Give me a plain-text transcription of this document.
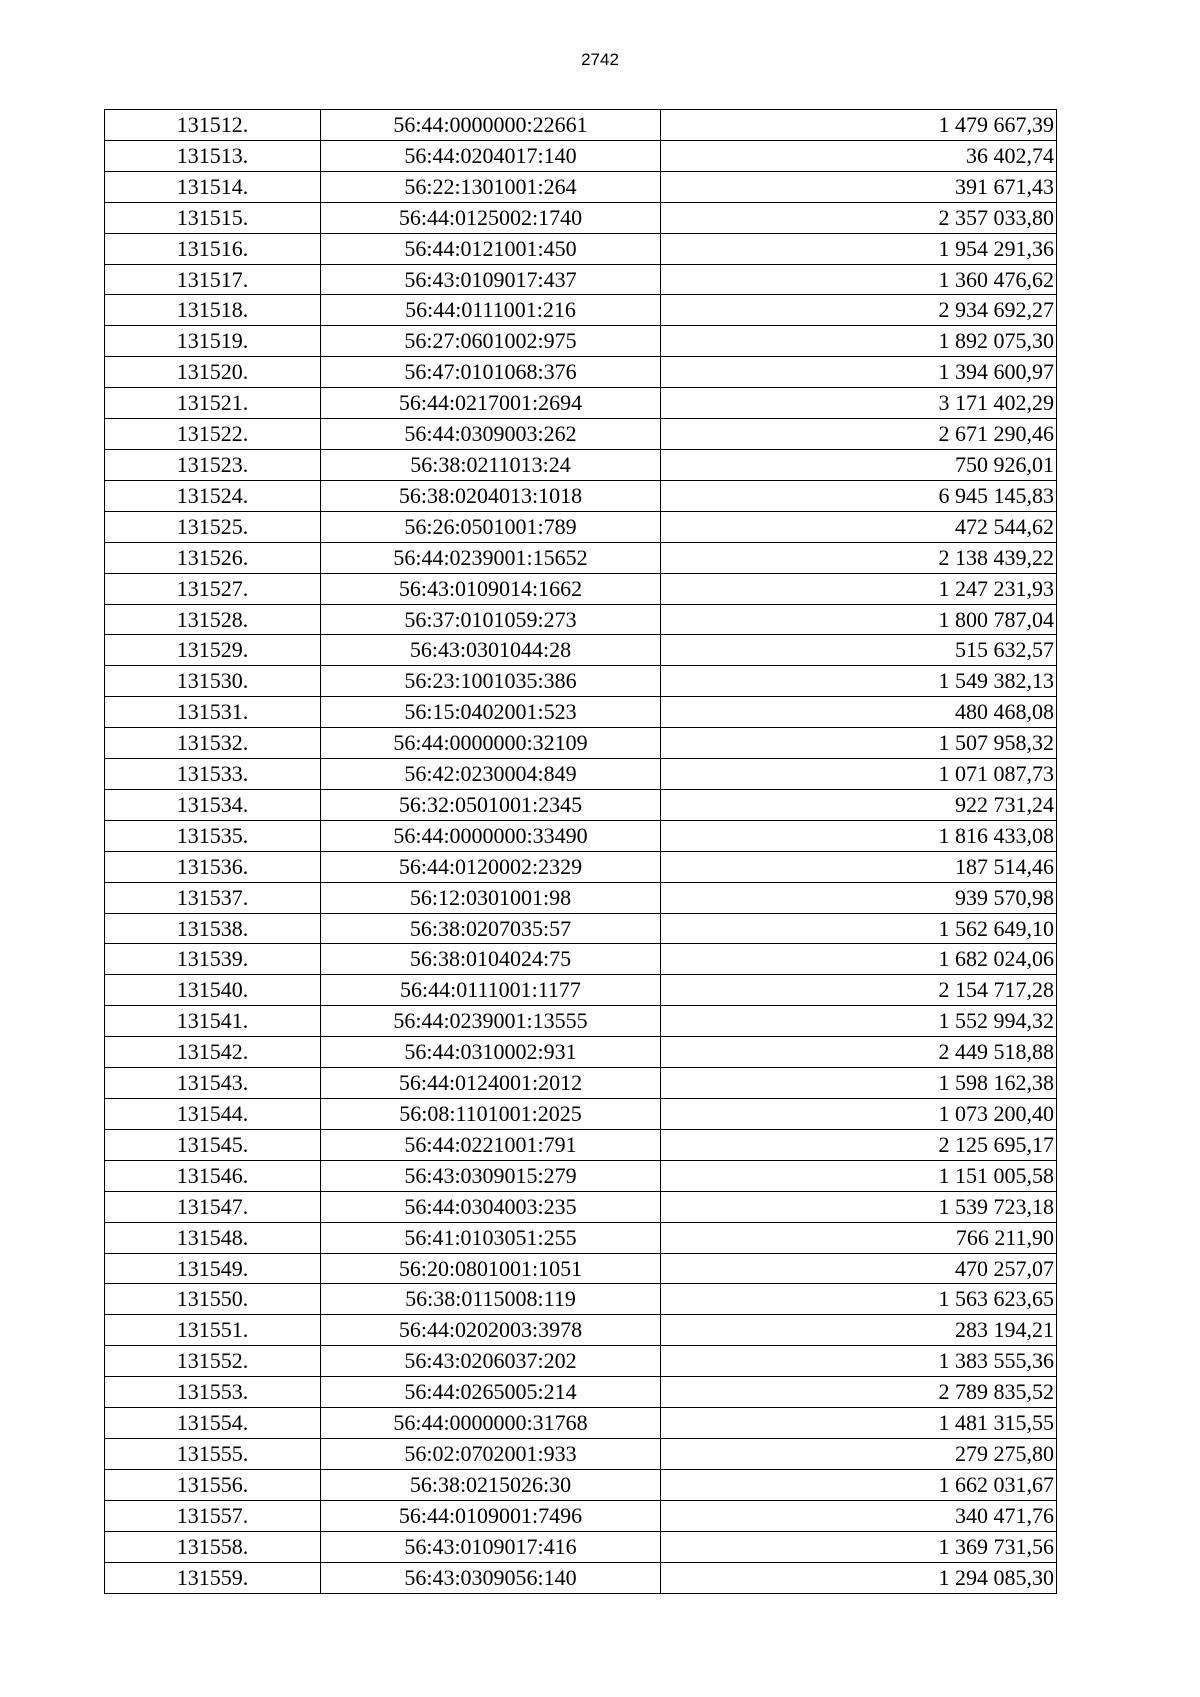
2742
131512.	56:44:0000000:22661	1 479 667,39
131513.	56:44:0204017:140	36 402,74
131514.	56:22:1301001:264	391 671,43
131515.	56:44:0125002:1740	2 357 033,80
131516.	56:44:0121001:450	1 954 291,36
131517.	56:43:0109017:437	1 360 476,62
131518.	56:44:0111001:216	2 934 692,27
131519.	56:27:0601002:975	1 892 075,30
131520.	56:47:0101068:376	1 394 600,97
131521.	56:44:0217001:2694	3 171 402,29
131522.	56:44:0309003:262	2 671 290,46
131523.	56:38:0211013:24	750 926,01
131524.	56:38:0204013:1018	6 945 145,83
131525.	56:26:0501001:789	472 544,62
131526.	56:44:0239001:15652	2 138 439,22
131527.	56:43:0109014:1662	1 247 231,93
131528.	56:37:0101059:273	1 800 787,04
131529.	56:43:0301044:28	515 632,57
131530.	56:23:1001035:386	1 549 382,13
131531.	56:15:0402001:523	480 468,08
131532.	56:44:0000000:32109	1 507 958,32
131533.	56:42:0230004:849	1 071 087,73
131534.	56:32:0501001:2345	922 731,24
131535.	56:44:0000000:33490	1 816 433,08
131536.	56:44:0120002:2329	187 514,46
131537.	56:12:0301001:98	939 570,98
131538.	56:38:0207035:57	1 562 649,10
131539.	56:38:0104024:75	1 682 024,06
131540.	56:44:0111001:1177	2 154 717,28
131541.	56:44:0239001:13555	1 552 994,32
131542.	56:44:0310002:931	2 449 518,88
131543.	56:44:0124001:2012	1 598 162,38
131544.	56:08:1101001:2025	1 073 200,40
131545.	56:44:0221001:791	2 125 695,17
131546.	56:43:0309015:279	1 151 005,58
131547.	56:44:0304003:235	1 539 723,18
131548.	56:41:0103051:255	766 211,90
131549.	56:20:0801001:1051	470 257,07
131550.	56:38:0115008:119	1 563 623,65
131551.	56:44:0202003:3978	283 194,21
131552.	56:43:0206037:202	1 383 555,36
131553.	56:44:0265005:214	2 789 835,52
131554.	56:44:0000000:31768	1 481 315,55
131555.	56:02:0702001:933	279 275,80
131556.	56:38:0215026:30	1 662 031,67
131557.	56:44:0109001:7496	340 471,76
131558.	56:43:0109017:416	1 369 731,56
131559.	56:43:0309056:140	1 294 085,30
